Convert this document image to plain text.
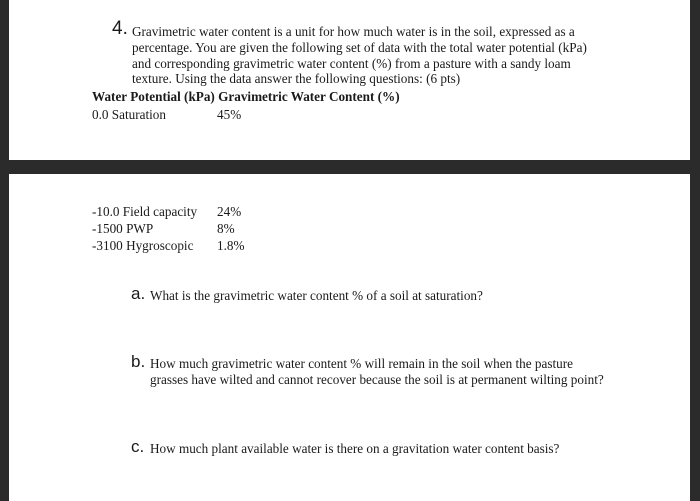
4. Gravimetric water content is a unit for how much water is in the soil, expressed as a
percentage. You are given the following set of data with the total water potential (kPa)
and corresponding gravimetric water content (%) from a pasture with a sandy loam
texture. Using the data answer the following questions: (6 pts)
Water Potential (kPa) Gravimetric Water Content (%)
0.0 Saturation	45%
-10.0 Field capacity 24%
-1500 PWP	8%
-3100 Hygroscopic 1.8%
a. What is the gravimetric water content % of a soil at saturation?
b. How much gravimetric water content % will remain in the soil when the pasture
grasses have wilted and cannot recover because the soil is at permanent wilting point?
c. How much plant available water is there on a gravitation water content basis?
